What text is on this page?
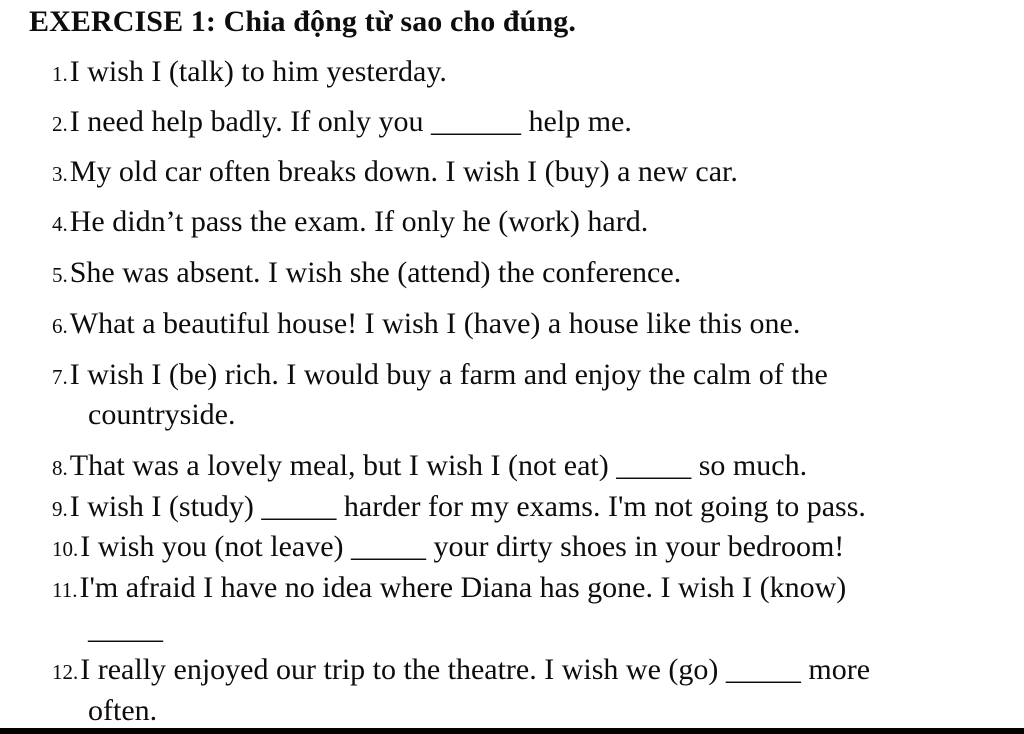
EXERCISE 1: Chia động từ sao cho đúng.
1.I wish I (talk) to him yesterday.
2.I need help badly. If only you ______ help me.
3.My old car often breaks down. I wish I (buy) a new car.
4.He didn’t pass the exam. If only he (work) hard.
5.She was absent. I wish she (attend) the conference.
6.What a beautiful house! I wish I (have) a house like this one.
7.I wish I (be) rich. I would buy a farm and enjoy the calm of the
countryside.
8.That was a lovely meal, but I wish I (not eat) _____ so much.
9.I wish I (study) _____ harder for my exams. I'm not going to pass.
10.I wish you (not leave) _____ your dirty shoes in your bedroom!
11.I'm afraid I have no idea where Diana has gone. I wish I (know)
_____
12.I really enjoyed our trip to the theatre. I wish we (go) _____ more
often.
